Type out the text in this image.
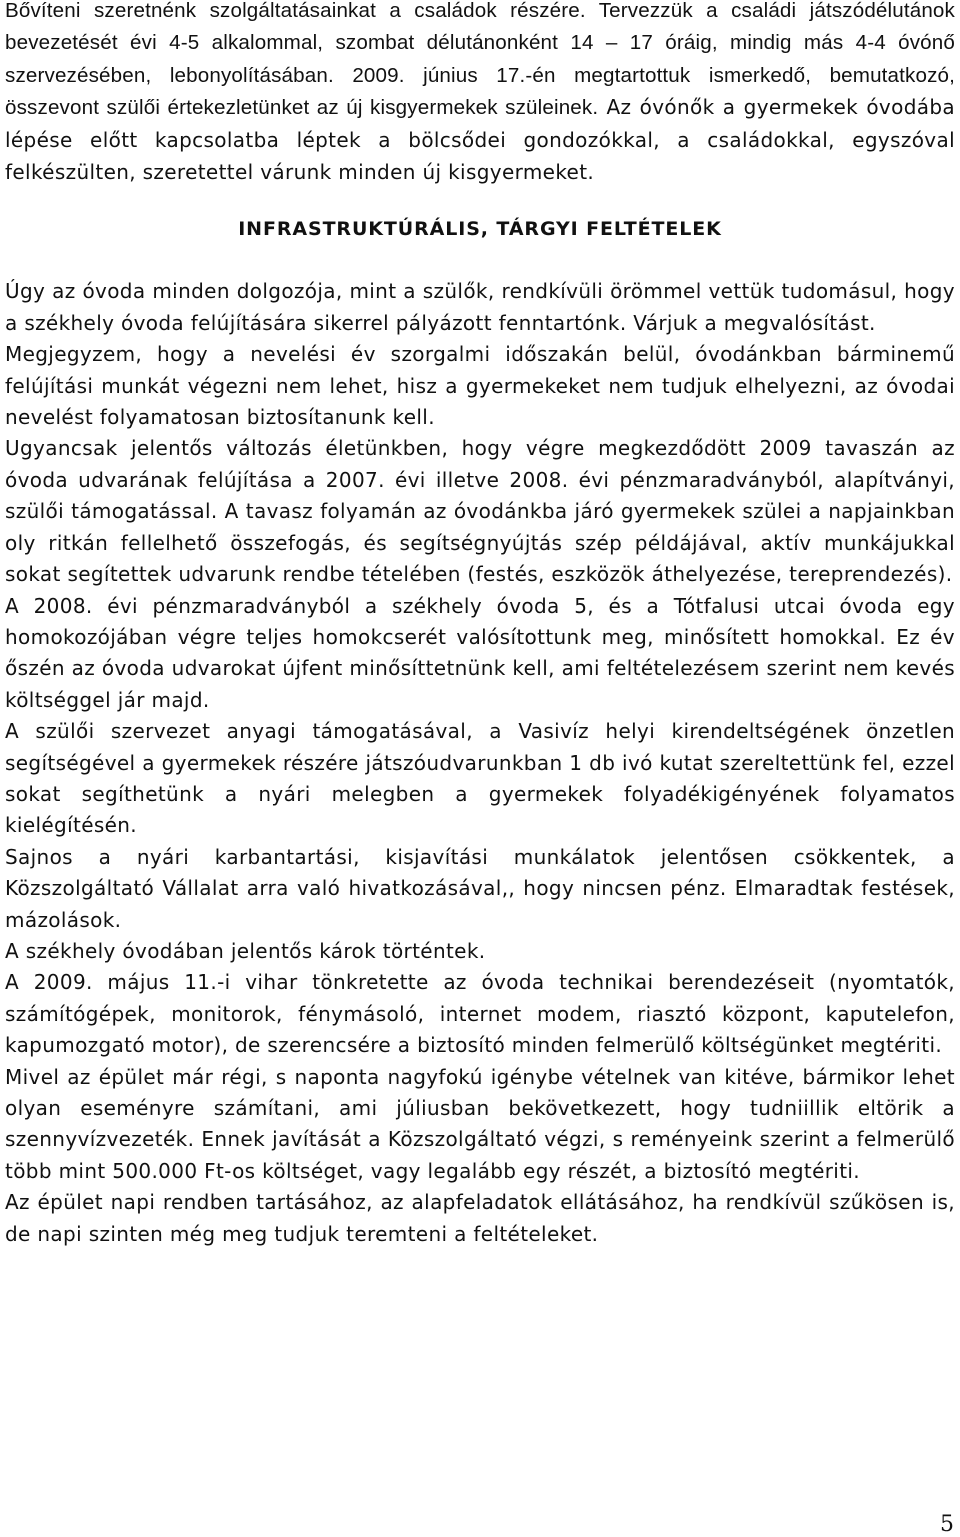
Bővíteni szeretnénk szolgáltatásainkat a családok részére. Tervezzük a családi játszódélutánok bevezetését évi 4-5 alkalommal, szombat délutánonként 14 – 17 óráig, mindig más 4-4 óvónő szervezésében, lebonyolításában. 2009. június 17.-én megtartottuk ismerkedő, bemutatkozó, összevont szülői értekezletünket az új kisgyermekek szüleinek. Az óvónők a gyermekek óvodába lépése előtt kapcsolatba léptek a bölcsődei gondozókkal, a családokkal, egyszóval felkészülten, szeretettel várunk minden új kisgyermeket.

INFRASTRUKTÚRÁLIS, TÁRGYI FELTÉTELEK

Úgy az óvoda minden dolgozója, mint a szülők, rendkívüli örömmel vettük tudomásul, hogy a székhely óvoda felújítására sikerrel pályázott fenntartónk. Várjuk a megvalósítást.

Megjegyzem, hogy a nevelési év szorgalmi időszakán belül, óvodánkban bárminemű felújítási munkát végezni nem lehet, hisz a gyermekeket nem tudjuk elhelyezni, az óvodai nevelést folyamatosan biztosítanunk kell.

Ugyancsak jelentős változás életünkben, hogy végre megkezdődött 2009 tavaszán az óvoda udvarának felújítása a 2007. évi illetve 2008. évi pénzmaradványból, alapítványi, szülői támogatással. A tavasz folyamán az óvodánkba járó gyermekek szülei a napjainkban oly ritkán fellelhető összefogás, és segítségnyújtás szép példájával, aktív munkájukkal sokat segítettek udvarunk rendbe tételében (festés, eszközök áthelyezése, tereprendezés).

A 2008. évi pénzmaradványból a székhely óvoda 5, és a Tótfalusi utcai óvoda egy homokozójában végre teljes homokcserét valósítottunk meg, minősített homokkal. Ez év őszén az óvoda udvarokat újfent minősíttetnünk kell, ami feltételezésem szerint nem kevés költséggel jár majd.

A szülői szervezet anyagi támogatásával, a Vasivíz helyi kirendeltségének önzetlen segítségével a gyermekek részére játszóudvarunkban 1 db ivó kutat szereltettünk fel, ezzel sokat segíthetünk a nyári melegben a gyermekek folyadékigényének folyamatos kielégítésén.

Sajnos a nyári karbantartási, kisjavítási munkálatok jelentősen csökkentek, a Közszolgáltató Vállalat arra való hivatkozásával,, hogy nincsen pénz. Elmaradtak festések, mázolások.

A székhely óvodában jelentős károk történtek.

A 2009. május 11.-i vihar tönkretette az óvoda technikai berendezéseit (nyomtatók, számítógépek, monitorok, fénymásoló, internet modem, riasztó központ, kaputelefon, kapumozgató motor), de szerencsére a biztosító minden felmerülő költségünket megtériti.

Mivel az épület már régi, s naponta nagyfokú igénybe vételnek van kitéve, bármikor lehet olyan eseményre számítani, ami júliusban bekövetkezett, hogy tudniillik eltörik a szennyvízvezeték. Ennek javítását a Közszolgáltató végzi, s reményeink szerint a felmerülő több mint 500.000 Ft-os költséget, vagy legalább egy részét, a biztosító megtériti.

Az épület napi rendben tartásához, az alapfeladatok ellátásához, ha rendkívül szűkösen is, de napi szinten még meg tudjuk teremteni a feltételeket.

5
